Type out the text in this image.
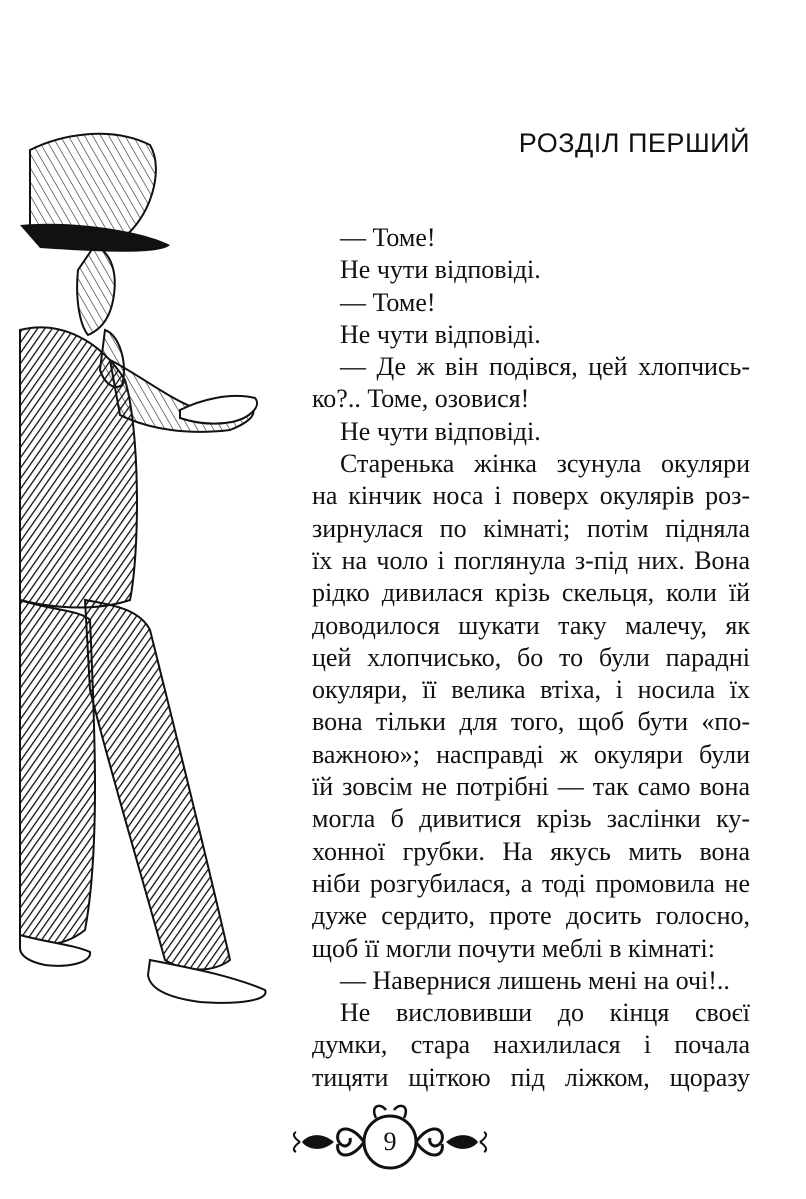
РОЗДІЛ ПЕРШИЙ
— Томе!
Не чути відповіді.
— Томе!
Не чути відповіді.
— Де ж він подівся, цей хлопчись-
ко?.. Томе, озовися!
Не чути відповіді.
Старенька жінка зсунула окуляри
на кінчик носа і поверх окулярів роз-
зирнулася по кімнаті; потім підняла
їх на чоло і поглянула з-під них. Вона
рідко дивилася крізь скельця, коли їй
доводилося шукати таку малечу, як
цей хлопчисько, бо то були парадні
окуляри, її велика втіха, і носила їх
вона тільки для того, щоб бути «по-
важною»; насправді ж окуляри були
їй зовсім не потрібні — так само вона
могла б дивитися крізь заслінки ку-
хонної грубки. На якусь мить вона
ніби розгубилася, а тоді промовила не
дуже сердито, проте досить голосно,
щоб її могли почути меблі в кімнаті:
— Навернися лишень мені на очі!..
Не висловивши до кінця своєї
думки, стара нахилилася і почала
тицяти щіткою під ліжком, щоразу
9
